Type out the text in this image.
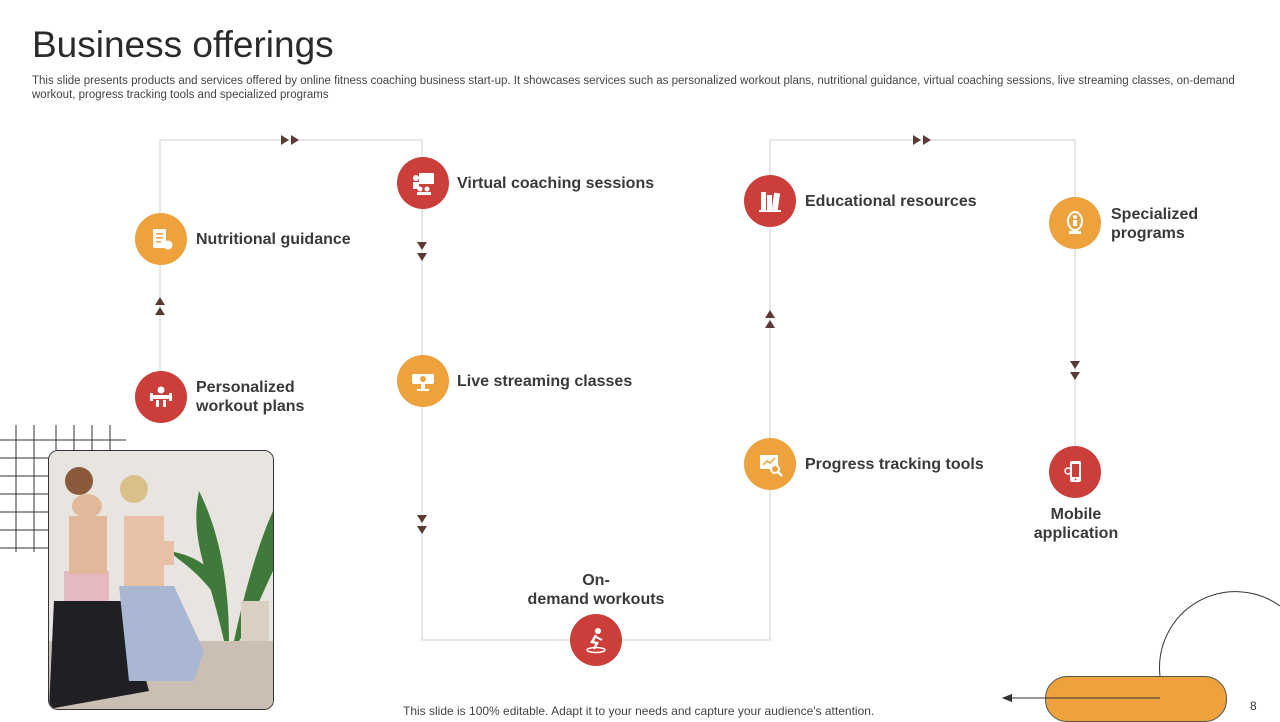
Business offerings
This slide presents products and services offered by online fitness coaching business start-up. It showcases services such as personalized workout plans, nutritional guidance, virtual coaching sessions, live streaming classes, on-demand workout, progress tracking tools and specialized programs
Personalized
workout plans
Nutritional guidance
Virtual coaching sessions
Live streaming classes
On-
demand workouts
Progress tracking tools
Educational resources
Specialized
programs
Mobile
application
This slide is 100% editable. Adapt it to your needs and capture your audience's attention.	8
